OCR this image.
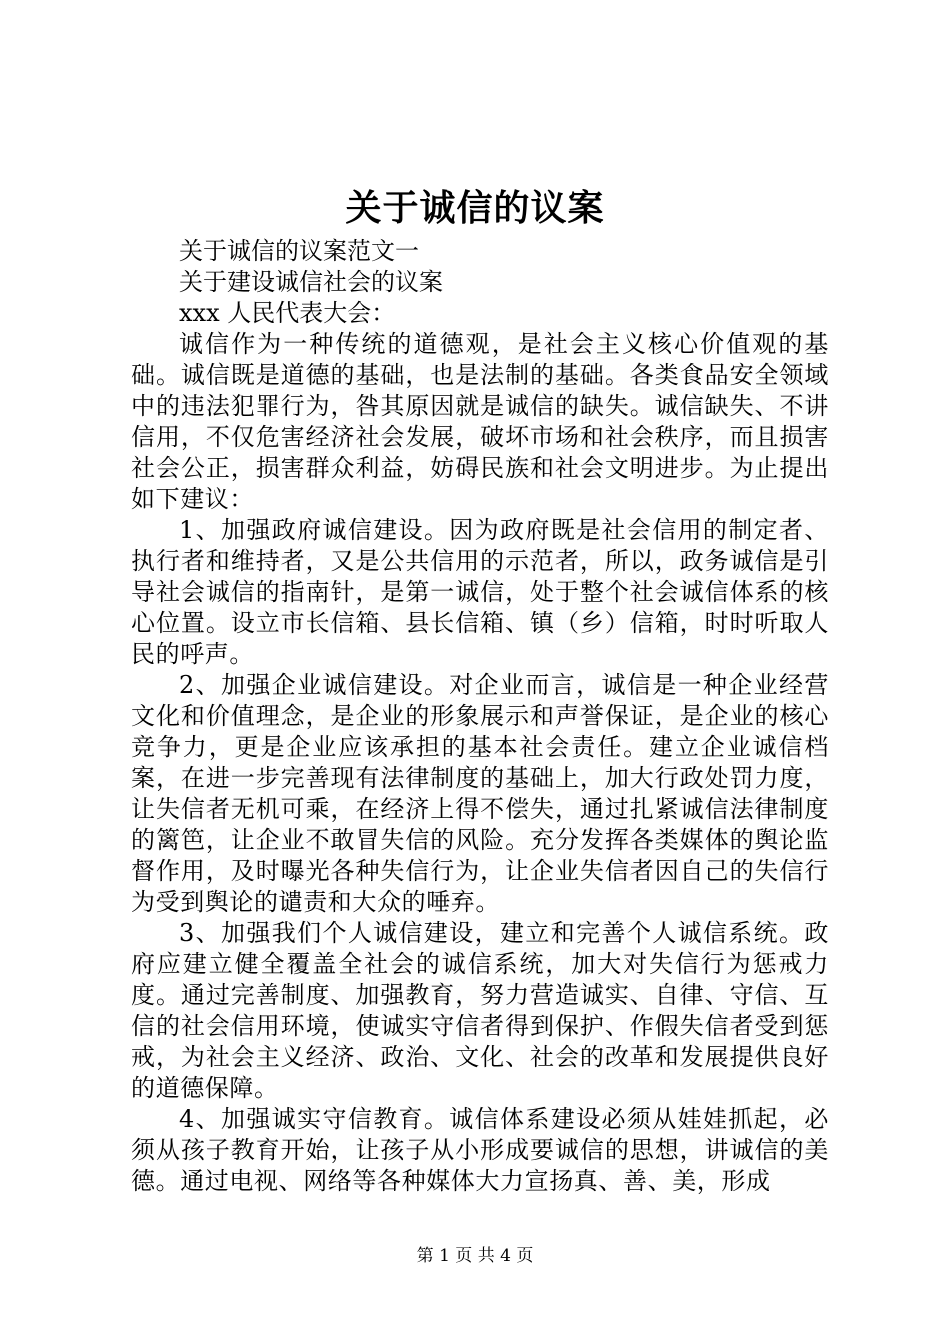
关于诚信的议案

关于诚信的议案范文一

关于建设诚信社会的议案

xxx 人民代表大会：

诚信作为一种传统的道德观，是社会主义核心价值观的基础。诚信既是道德的基础，也是法制的基础。各类食品安全领域中的违法犯罪行为，咎其原因就是诚信的缺失。诚信缺失、不讲信用，不仅危害经济社会发展，破坏市场和社会秩序，而且损害社会公正，损害群众利益，妨碍民族和社会文明进步。为止提出如下建议：

1、加强政府诚信建设。因为政府既是社会信用的制定者、执行者和维持者，又是公共信用的示范者，所以，政务诚信是引导社会诚信的指南针，是第一诚信，处于整个社会诚信体系的核心位置。设立市长信箱、县长信箱、镇（乡）信箱，时时听取人民的呼声。

2、加强企业诚信建设。对企业而言，诚信是一种企业经营文化和价值理念，是企业的形象展示和声誉保证，是企业的核心竞争力，更是企业应该承担的基本社会责任。建立企业诚信档案，在进一步完善现有法律制度的基础上，加大行政处罚力度，让失信者无机可乘，在经济上得不偿失，通过扎紧诚信法律制度的篱笆，让企业不敢冒失信的风险。充分发挥各类媒体的舆论监督作用，及时曝光各种失信行为，让企业失信者因自己的失信行为受到舆论的谴责和大众的唾弃。

3、加强我们个人诚信建设，建立和完善个人诚信系统。政府应建立健全覆盖全社会的诚信系统，加大对失信行为惩戒力度。通过完善制度、加强教育，努力营造诚实、自律、守信、互信的社会信用环境，使诚实守信者得到保护、作假失信者受到惩戒，为社会主义经济、政治、文化、社会的改革和发展提供良好的道德保障。

4、加强诚实守信教育。诚信体系建设必须从娃娃抓起，必须从孩子教育开始，让孩子从小形成要诚信的思想，讲诚信的美德。通过电视、网络等各种媒体大力宣扬真、善、美，形成

第 1 页 共 4 页
